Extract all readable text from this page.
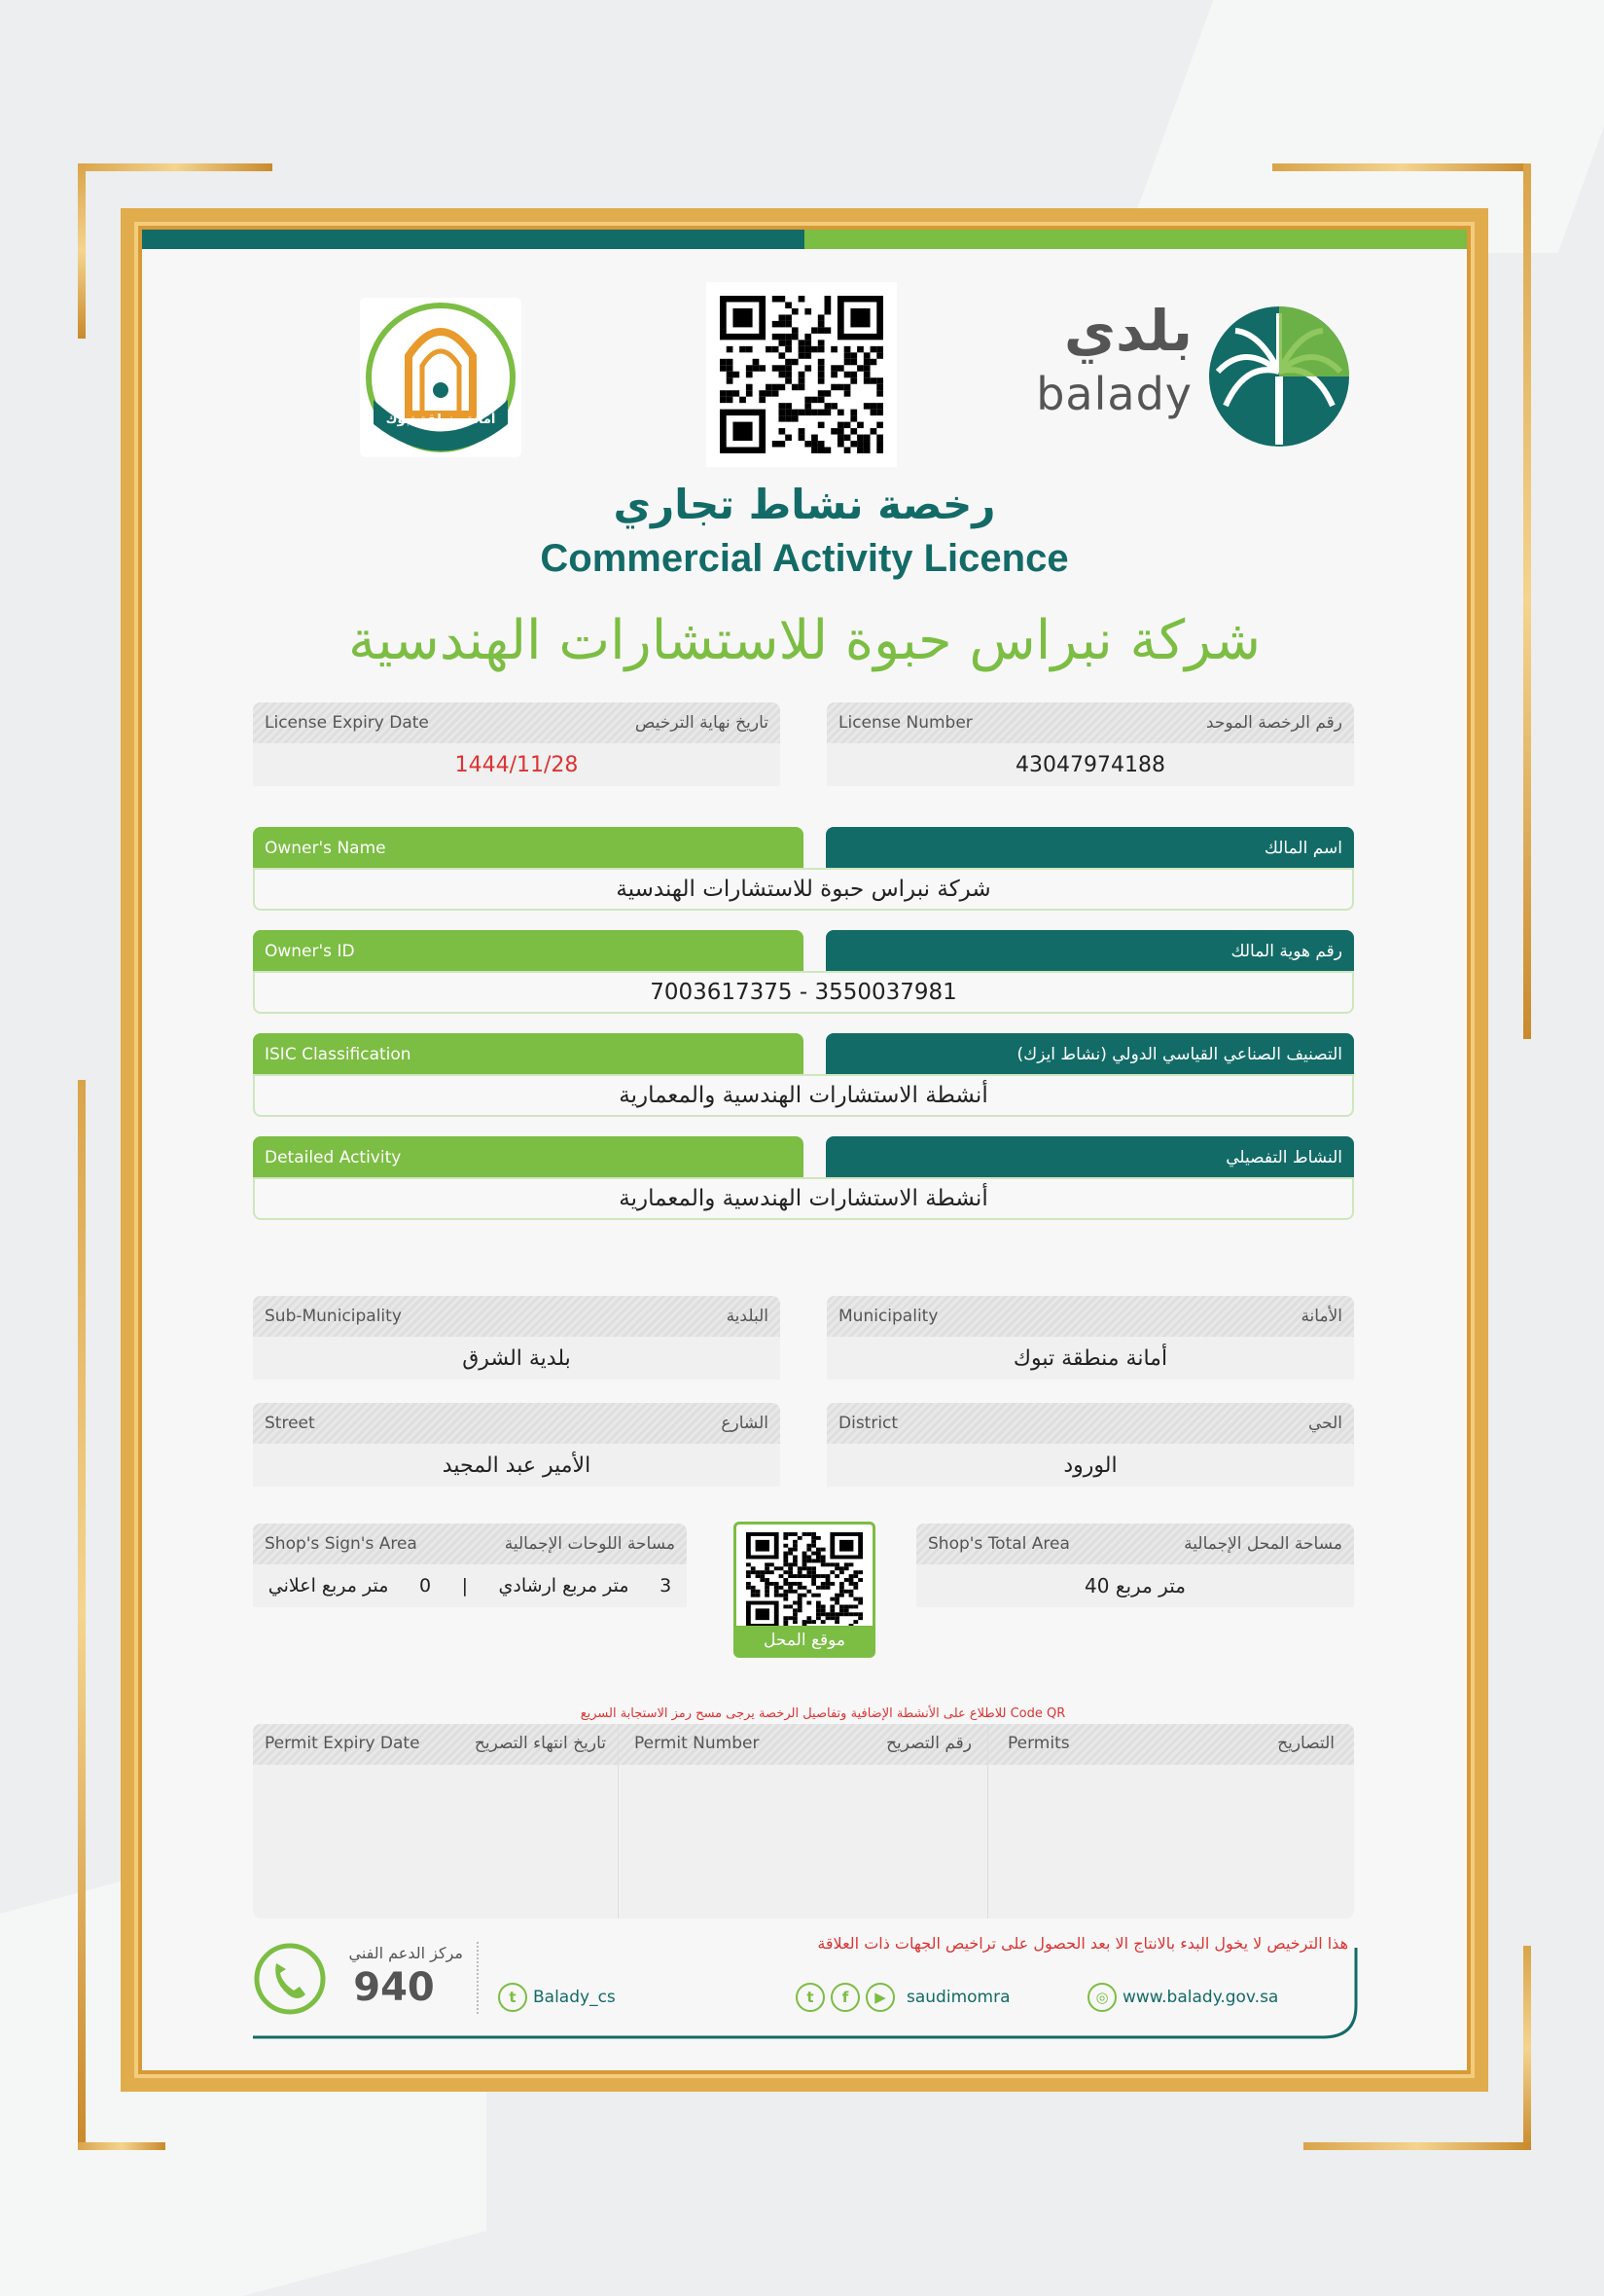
أمانة منطقة تبوك
بلدي
balady
رخصة نشاط تجاري
Commercial Activity Licence
شركة نبراس حبوة للاستشارات الهندسية
License Expiry Date	تاريخ نهاية الترخيص
1444/11/28
License Number	رقم الرخصة الموحد
43047974188
Owner's Name	اسم المالك
شركة نبراس حبوة للاستشارات الهندسية
Owner's ID	رقم هوية المالك
7003617375 - 3550037981
ISIC Classification	التصنيف الصناعي القياسي الدولي (نشاط ايزك)
أنشطة الاستشارات الهندسية والمعمارية
Detailed Activity	النشاط التفصيلي
أنشطة الاستشارات الهندسية والمعمارية
Sub-Municipality	البلدية
بلدية الشرق
Municipality	الأمانة
أمانة منطقة تبوك
Street	الشارع
الأمير عبد المجيد
District	الحي
الورود
Shop's Sign's Area	مساحة اللوحات الإجمالية
متر مربع اعلاني 0 | متر مربع ارشادي 3
موقع المحل
Shop's Total Area	مساحة المحل الإجمالية
40 متر مربع
للاطلاع على الأنشطة الإضافية وتفاصيل الرخصة يرجى مسح رمز الاستجابة السريع Code QR
Permit Expiry Date	تاريخ انتهاء التصريح Permit Number	رقم التصريح Permits	التصاريح
هذا الترخيص لا يخول البدء بالانتاج الا بعد الحصول على تراخيص الجهات ذات العلاقة
مركز الدعم الفني
940	t	Balady_cs	t	f	▶	saudimomra	◎ www.balady.gov.sa
